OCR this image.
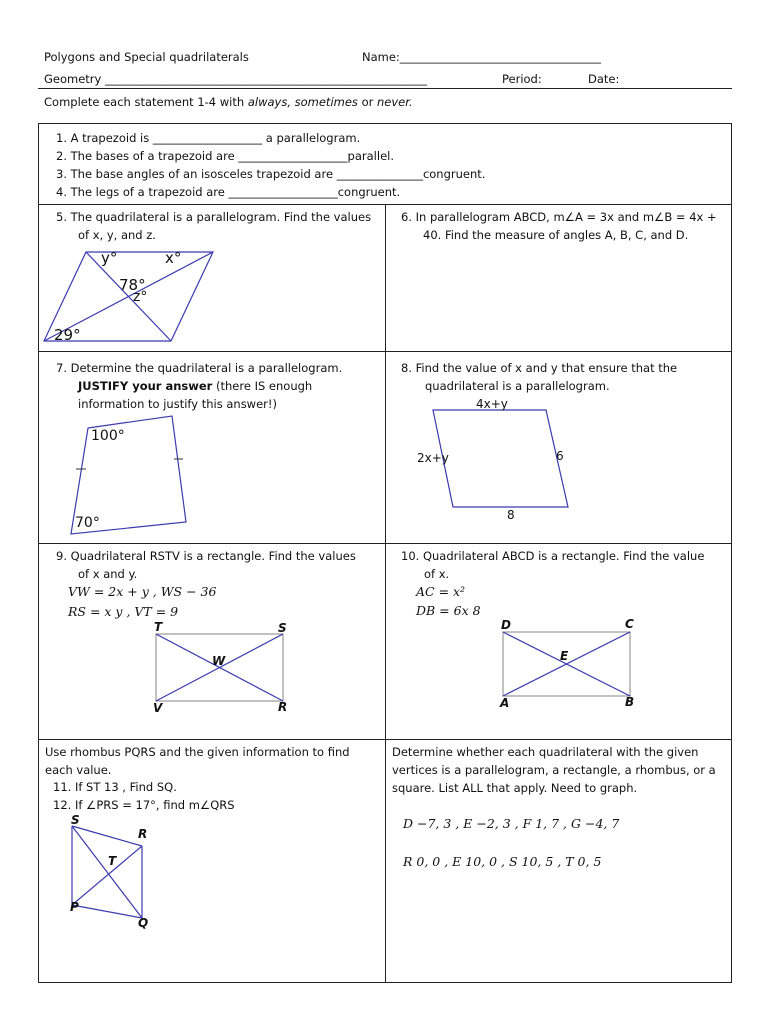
Polygons and Special quadrilaterals	Name:___________________________________
Geometry ________________________________________________________	Period:	Date:
Complete each statement 1-4 with always, sometimes or never.
1. A trapezoid is ___________________ a parallelogram.
2. The bases of a trapezoid are ___________________parallel.
3. The base angles of an isosceles trapezoid are _______________congruent.
4. The legs of a trapezoid are ___________________congruent.
5. The quadrilateral is a parallelogram. Find the values
of x, y, and z.
y°	x°
78°
z°
29°
6. In parallelogram ABCD, m∠A = 3x and m∠B = 4x +
40. Find the measure of angles A, B, C, and D.
7. Determine the quadrilateral is a parallelogram.
JUSTIFY your answer (there IS enough
information to justify this answer!)
100°
70°
8. Find the value of x and y that ensure that the
quadrilateral is a parallelogram.
4x+y
2x+y	6
8
9. Quadrilateral RSTV is a rectangle. Find the values
of x and y.
VW = 2x + y , WS − 36
RS = x y , VT = 9
T	S
W
V	R
10. Quadrilateral ABCD is a rectangle. Find the value
of x.
AC = x²
DB = 6x 8
D	C
E
A	B
Use rhombus PQRS and the given information to find
each value.
11. If ST 13 , Find SQ.
12. If ∠PRS = 17°, find m∠QRS
S
R
T
P
Q
Determine whether each quadrilateral with the given
vertices is a parallelogram, a rectangle, a rhombus, or a
square. List ALL that apply. Need to graph.
D −7, 3 , E −2, 3 , F 1, 7 , G −4, 7
R 0, 0 , E 10, 0 , S 10, 5 , T 0, 5
